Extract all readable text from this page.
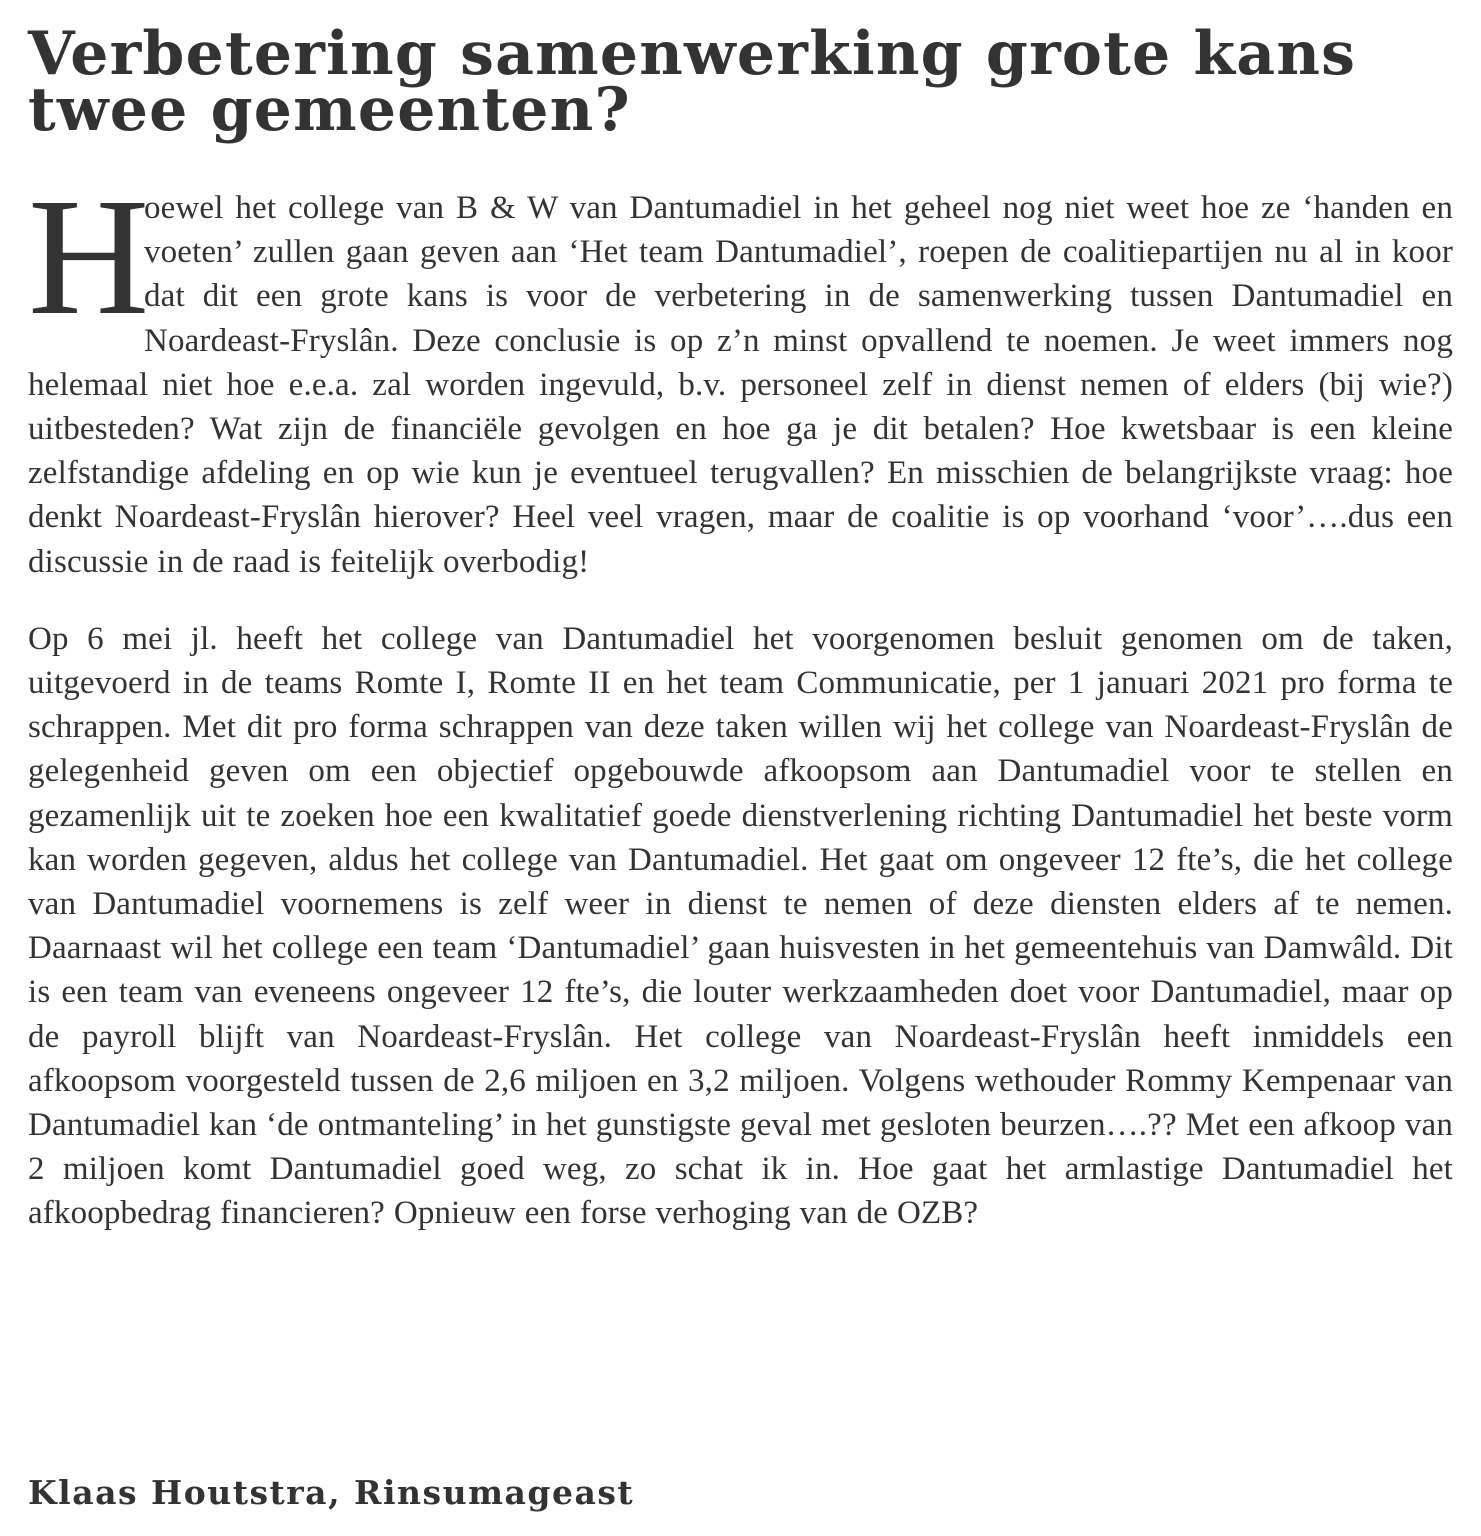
Verbetering samenwerking grote kans twee gemeenten?

H
oewel het college van B & W van Dantumadiel in het geheel nog niet weet hoe ze ‘handen en voeten’ zullen gaan geven aan ‘Het team Dantumadiel’, roepen de coalitiepartijen nu al in koor dat dit een grote kans is voor de verbetering in de samenwerking tussen Dantumadiel en Noardeast-Fryslân. Deze conclusie is op z’n minst opvallend te noemen. Je weet immers nog helemaal niet hoe e.e.a. zal worden ingevuld, b.v. personeel zelf in dienst nemen of elders (bij wie?) uitbesteden? Wat zijn de financiële gevolgen en hoe ga je dit betalen? Hoe kwetsbaar is een kleine zelfstandige afdeling en op wie kun je eventueel terugvallen? En misschien de belangrijkste vraag: hoe denkt Noardeast-Fryslân hierover? Heel veel vragen, maar de coalitie is op voorhand ‘voor’….dus een discussie in de raad is feitelijk overbodig!

Op 6 mei jl. heeft het college van Dantumadiel het voorgenomen besluit genomen om de taken, uitgevoerd in de teams Romte I, Romte II en het team Communicatie, per 1 januari 2021 pro forma te schrappen. Met dit pro forma schrappen van deze taken willen wij het college van Noardeast-Fryslân de gelegenheid geven om een objectief opgebouwde afkoopsom aan Dantumadiel voor te stellen en gezamenlijk uit te zoeken hoe een kwalitatief goede dienstverlening richting Dantumadiel het beste vorm kan worden gegeven, aldus het college van Dantumadiel. Het gaat om ongeveer 12 fte’s, die het college van Dantumadiel voornemens is zelf weer in dienst te nemen of deze diensten elders af te nemen. Daarnaast wil het college een team ‘Dantumadiel’ gaan huisvesten in het gemeentehuis van Damwâld. Dit is een team van eveneens ongeveer 12 fte’s, die louter werkzaamheden doet voor Dantumadiel, maar op de payroll blijft van Noardeast-Fryslân. Het college van Noardeast-Fryslân heeft inmiddels een afkoopsom voorgesteld tussen de 2,6 miljoen en 3,2 miljoen. Volgens wethouder Rommy Kempenaar van Dantumadiel kan ‘de ontmanteling’ in het gunstigste geval met gesloten beurzen….?? Met een afkoop van 2 miljoen komt Dantumadiel goed weg, zo schat ik in. Hoe gaat het armlastige Dantumadiel het afkoopbedrag financieren? Opnieuw een forse verhoging van de OZB?

Klaas Houtstra, Rinsumageast
